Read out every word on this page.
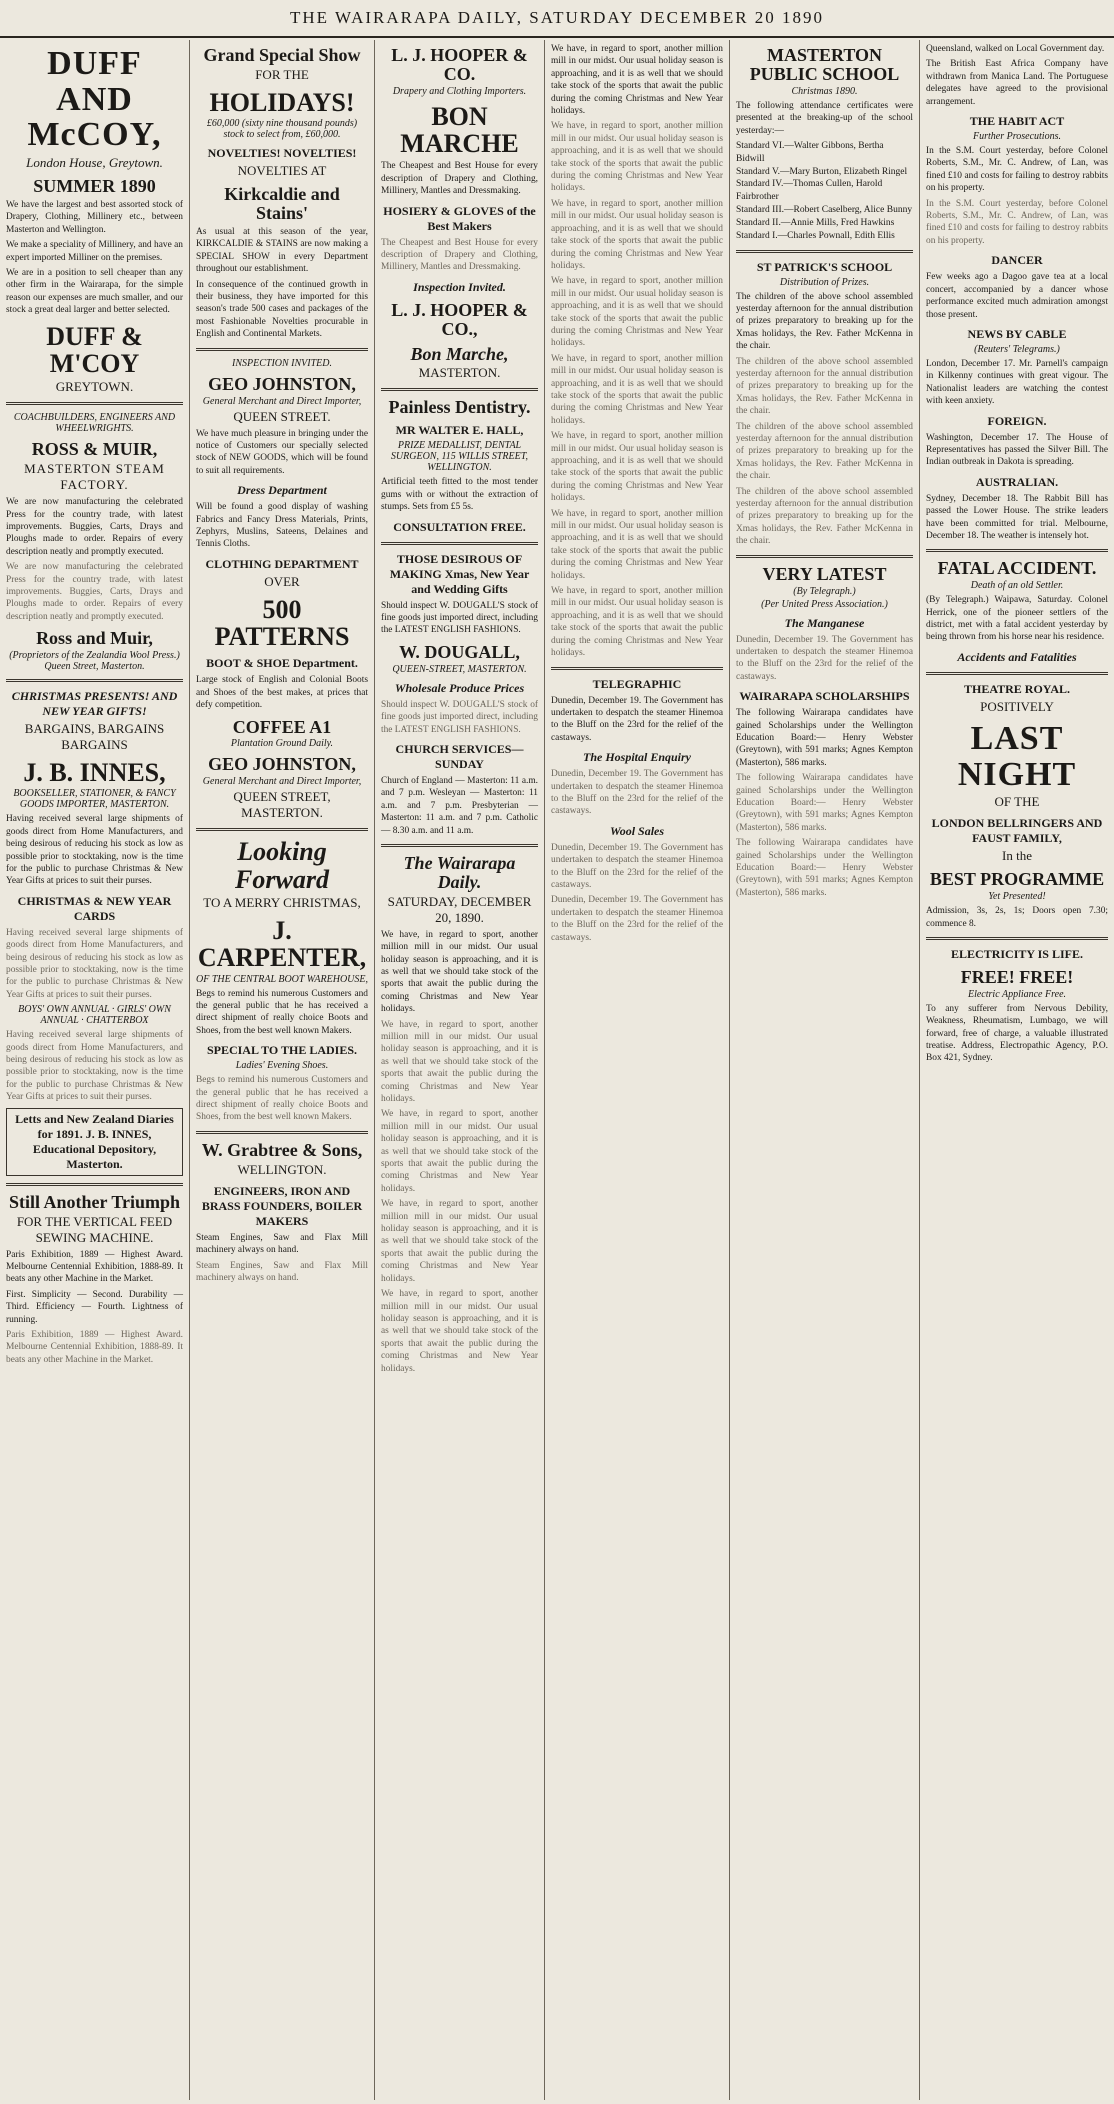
THE WAIRARAPA DAILY, SATURDAY DECEMBER 20 1890
DUFF AND McCOY,
London House, Greytown.
SUMMER 1890
We have the largest and best assorted stock of Drapery, Clothing, Millinery etc., between Masterton and Wellington.
We make a speciality of Millinery, and have an expert imported Milliner on the premises.
We are in a position to sell cheaper than any other firm in the Wairarapa, for the simple reason our expenses are much smaller, and our stock a great deal larger and better selected.
DUFF & M'COY
GREYTOWN.
COACHBUILDERS, ENGINEERS AND WHEELWRIGHTS.
ROSS & MUIR,
MASTERTON STEAM FACTORY.
We are now manufacturing the celebrated Press for the country trade, with latest improvements. Buggies, Carts, Drays and Ploughs made to order. Repairs of every description neatly and promptly executed.
We are now manufacturing the celebrated Press for the country trade, with latest improvements. Buggies, Carts, Drays and Ploughs made to order. Repairs of every description neatly and promptly executed.
Ross and Muir,
(Proprietors of the Zealandia Wool Press.) Queen Street, Masterton.
CHRISTMAS PRESENTS! AND NEW YEAR GIFTS!
BARGAINS, BARGAINS BARGAINS
J. B. INNES,
BOOKSELLER, STATIONER, & FANCY GOODS IMPORTER, MASTERTON.
Having received several large shipments of goods direct from Home Manufacturers, and being desirous of reducing his stock as low as possible prior to stocktaking, now is the time for the public to purchase Christmas & New Year Gifts at prices to suit their purses.
CHRISTMAS & NEW YEAR CARDS
Having received several large shipments of goods direct from Home Manufacturers, and being desirous of reducing his stock as low as possible prior to stocktaking, now is the time for the public to purchase Christmas & New Year Gifts at prices to suit their purses.
BOYS' OWN ANNUAL · GIRLS' OWN ANNUAL · CHATTERBOX
Having received several large shipments of goods direct from Home Manufacturers, and being desirous of reducing his stock as low as possible prior to stocktaking, now is the time for the public to purchase Christmas & New Year Gifts at prices to suit their purses.
Letts and New Zealand Diaries for 1891. J. B. INNES, Educational Depository, Masterton.
Still Another Triumph
FOR THE VERTICAL FEED SEWING MACHINE.
Paris Exhibition, 1889 — Highest Award. Melbourne Centennial Exhibition, 1888-89. It beats any other Machine in the Market.
First. Simplicity — Second. Durability — Third. Efficiency — Fourth. Lightness of running.
Paris Exhibition, 1889 — Highest Award. Melbourne Centennial Exhibition, 1888-89. It beats any other Machine in the Market.
Grand Special Show
FOR THE
HOLIDAYS!
£60,000 (sixty nine thousand pounds) stock to select from, £60,000.
NOVELTIES! NOVELTIES!
NOVELTIES AT
Kirkcaldie and Stains'
As usual at this season of the year, KIRKCALDIE & STAINS are now making a SPECIAL SHOW in every Department throughout our establishment.
In consequence of the continued growth in their business, they have imported for this season's trade 500 cases and packages of the most Fashionable Novelties procurable in English and Continental Markets.
INSPECTION INVITED.
GEO JOHNSTON,
General Merchant and Direct Importer,
QUEEN STREET.
We have much pleasure in bringing under the notice of Customers our specially selected stock of NEW GOODS, which will be found to suit all requirements.
Dress Department
Will be found a good display of washing Fabrics and Fancy Dress Materials, Prints, Zephyrs, Muslins, Sateens, Delaines and Tennis Cloths.
CLOTHING DEPARTMENT
OVER
500 PATTERNS
BOOT & SHOE Department.
Large stock of English and Colonial Boots and Shoes of the best makes, at prices that defy competition.
COFFEE A1
Plantation Ground Daily.
GEO JOHNSTON,
General Merchant and Direct Importer,
QUEEN STREET, MASTERTON.
Looking Forward
TO A MERRY CHRISTMAS,
J. CARPENTER,
OF THE CENTRAL BOOT WAREHOUSE,
Begs to remind his numerous Customers and the general public that he has received a direct shipment of really choice Boots and Shoes, from the best well known Makers.
SPECIAL TO THE LADIES.
Ladies' Evening Shoes.
Begs to remind his numerous Customers and the general public that he has received a direct shipment of really choice Boots and Shoes, from the best well known Makers.
W. Grabtree & Sons,
WELLINGTON.
ENGINEERS, IRON AND BRASS FOUNDERS, BOILER MAKERS
Steam Engines, Saw and Flax Mill machinery always on hand.
Steam Engines, Saw and Flax Mill machinery always on hand.
L. J. HOOPER & CO.
Drapery and Clothing Importers.
BON MARCHE
The Cheapest and Best House for every description of Drapery and Clothing, Millinery, Mantles and Dressmaking.
HOSIERY & GLOVES of the Best Makers
The Cheapest and Best House for every description of Drapery and Clothing, Millinery, Mantles and Dressmaking.
Inspection Invited.
L. J. HOOPER & CO.,
Bon Marche,
MASTERTON.
Painless Dentistry.
MR WALTER E. HALL,
PRIZE MEDALLIST, DENTAL SURGEON, 115 WILLIS STREET, WELLINGTON.
Artificial teeth fitted to the most tender gums with or without the extraction of stumps. Sets from £5 5s.
CONSULTATION FREE.
THOSE DESIROUS OF MAKING Xmas, New Year and Wedding Gifts
Should inspect W. DOUGALL'S stock of fine goods just imported direct, including the LATEST ENGLISH FASHIONS.
W. DOUGALL,
QUEEN-STREET, MASTERTON.
Wholesale Produce Prices
Should inspect W. DOUGALL'S stock of fine goods just imported direct, including the LATEST ENGLISH FASHIONS.
CHURCH SERVICES—SUNDAY
Church of England — Masterton: 11 a.m. and 7 p.m. Wesleyan — Masterton: 11 a.m. and 7 p.m. Presbyterian — Masterton: 11 a.m. and 7 p.m. Catholic — 8.30 a.m. and 11 a.m.
The Wairarapa Daily.
SATURDAY, DECEMBER 20, 1890.
We have, in regard to sport, another million mill in our midst. Our usual holiday season is approaching, and it is as well that we should take stock of the sports that await the public during the coming Christmas and New Year holidays.
We have, in regard to sport, another million mill in our midst. Our usual holiday season is approaching, and it is as well that we should take stock of the sports that await the public during the coming Christmas and New Year holidays.
We have, in regard to sport, another million mill in our midst. Our usual holiday season is approaching, and it is as well that we should take stock of the sports that await the public during the coming Christmas and New Year holidays.
We have, in regard to sport, another million mill in our midst. Our usual holiday season is approaching, and it is as well that we should take stock of the sports that await the public during the coming Christmas and New Year holidays.
We have, in regard to sport, another million mill in our midst. Our usual holiday season is approaching, and it is as well that we should take stock of the sports that await the public during the coming Christmas and New Year holidays.
We have, in regard to sport, another million mill in our midst. Our usual holiday season is approaching, and it is as well that we should take stock of the sports that await the public during the coming Christmas and New Year holidays.
We have, in regard to sport, another million mill in our midst. Our usual holiday season is approaching, and it is as well that we should take stock of the sports that await the public during the coming Christmas and New Year holidays.
We have, in regard to sport, another million mill in our midst. Our usual holiday season is approaching, and it is as well that we should take stock of the sports that await the public during the coming Christmas and New Year holidays.
We have, in regard to sport, another million mill in our midst. Our usual holiday season is approaching, and it is as well that we should take stock of the sports that await the public during the coming Christmas and New Year holidays.
We have, in regard to sport, another million mill in our midst. Our usual holiday season is approaching, and it is as well that we should take stock of the sports that await the public during the coming Christmas and New Year holidays.
We have, in regard to sport, another million mill in our midst. Our usual holiday season is approaching, and it is as well that we should take stock of the sports that await the public during the coming Christmas and New Year holidays.
We have, in regard to sport, another million mill in our midst. Our usual holiday season is approaching, and it is as well that we should take stock of the sports that await the public during the coming Christmas and New Year holidays.
We have, in regard to sport, another million mill in our midst. Our usual holiday season is approaching, and it is as well that we should take stock of the sports that await the public during the coming Christmas and New Year holidays.
TELEGRAPHIC
Dunedin, December 19. The Government has undertaken to despatch the steamer Hinemoa to the Bluff on the 23rd for the relief of the castaways.
The Hospital Enquiry
Dunedin, December 19. The Government has undertaken to despatch the steamer Hinemoa to the Bluff on the 23rd for the relief of the castaways.
Wool Sales
Dunedin, December 19. The Government has undertaken to despatch the steamer Hinemoa to the Bluff on the 23rd for the relief of the castaways.
Dunedin, December 19. The Government has undertaken to despatch the steamer Hinemoa to the Bluff on the 23rd for the relief of the castaways.
MASTERTON PUBLIC SCHOOL
Christmas 1890.
The following attendance certificates were presented at the breaking-up of the school yesterday:—
Standard VI.—Walter Gibbons, Bertha Bidwill
Standard V.—Mary Burton, Elizabeth Ringel
Standard IV.—Thomas Cullen, Harold Fairbrother
Standard III.—Robert Caselberg, Alice Bunny
Standard II.—Annie Mills, Fred Hawkins
Standard I.—Charles Pownall, Edith Ellis
ST PATRICK'S SCHOOL
Distribution of Prizes.
The children of the above school assembled yesterday afternoon for the annual distribution of prizes preparatory to breaking up for the Xmas holidays, the Rev. Father McKenna in the chair.
The children of the above school assembled yesterday afternoon for the annual distribution of prizes preparatory to breaking up for the Xmas holidays, the Rev. Father McKenna in the chair.
The children of the above school assembled yesterday afternoon for the annual distribution of prizes preparatory to breaking up for the Xmas holidays, the Rev. Father McKenna in the chair.
The children of the above school assembled yesterday afternoon for the annual distribution of prizes preparatory to breaking up for the Xmas holidays, the Rev. Father McKenna in the chair.
VERY LATEST
(By Telegraph.)
(Per United Press Association.)
The Manganese
Dunedin, December 19. The Government has undertaken to despatch the steamer Hinemoa to the Bluff on the 23rd for the relief of the castaways.
WAIRARAPA SCHOLARSHIPS
The following Wairarapa candidates have gained Scholarships under the Wellington Education Board:— Henry Webster (Greytown), with 591 marks; Agnes Kempton (Masterton), 586 marks.
The following Wairarapa candidates have gained Scholarships under the Wellington Education Board:— Henry Webster (Greytown), with 591 marks; Agnes Kempton (Masterton), 586 marks.
The following Wairarapa candidates have gained Scholarships under the Wellington Education Board:— Henry Webster (Greytown), with 591 marks; Agnes Kempton (Masterton), 586 marks.
Queensland, walked on Local Government day.
The British East Africa Company have withdrawn from Manica Land. The Portuguese delegates have agreed to the provisional arrangement.
THE HABIT ACT
Further Prosecutions.
In the S.M. Court yesterday, before Colonel Roberts, S.M., Mr. C. Andrew, of Lan, was fined £10 and costs for failing to destroy rabbits on his property.
In the S.M. Court yesterday, before Colonel Roberts, S.M., Mr. C. Andrew, of Lan, was fined £10 and costs for failing to destroy rabbits on his property.
DANCER
Few weeks ago a Dagoo gave tea at a local concert, accompanied by a dancer whose performance excited much admiration amongst those present.
NEWS BY CABLE
(Reuters' Telegrams.)
London, December 17. Mr. Parnell's campaign in Kilkenny continues with great vigour. The Nationalist leaders are watching the contest with keen anxiety.
FOREIGN.
Washington, December 17. The House of Representatives has passed the Silver Bill. The Indian outbreak in Dakota is spreading.
AUSTRALIAN.
Sydney, December 18. The Rabbit Bill has passed the Lower House. The strike leaders have been committed for trial. Melbourne, December 18. The weather is intensely hot.
FATAL ACCIDENT.
Death of an old Settler.
(By Telegraph.) Waipawa, Saturday. Colonel Herrick, one of the pioneer settlers of the district, met with a fatal accident yesterday by being thrown from his horse near his residence.
Accidents and Fatalities
THEATRE ROYAL.
POSITIVELY
LAST NIGHT
OF THE
LONDON BELLRINGERS AND FAUST FAMILY,
In the
BEST PROGRAMME
Yet Presented!
Admission, 3s, 2s, 1s; Doors open 7.30; commence 8.
ELECTRICITY IS LIFE.
FREE! FREE!
Electric Appliance Free.
To any sufferer from Nervous Debility, Weakness, Rheumatism, Lumbago, we will forward, free of charge, a valuable illustrated treatise. Address, Electropathic Agency, P.O. Box 421, Sydney.
